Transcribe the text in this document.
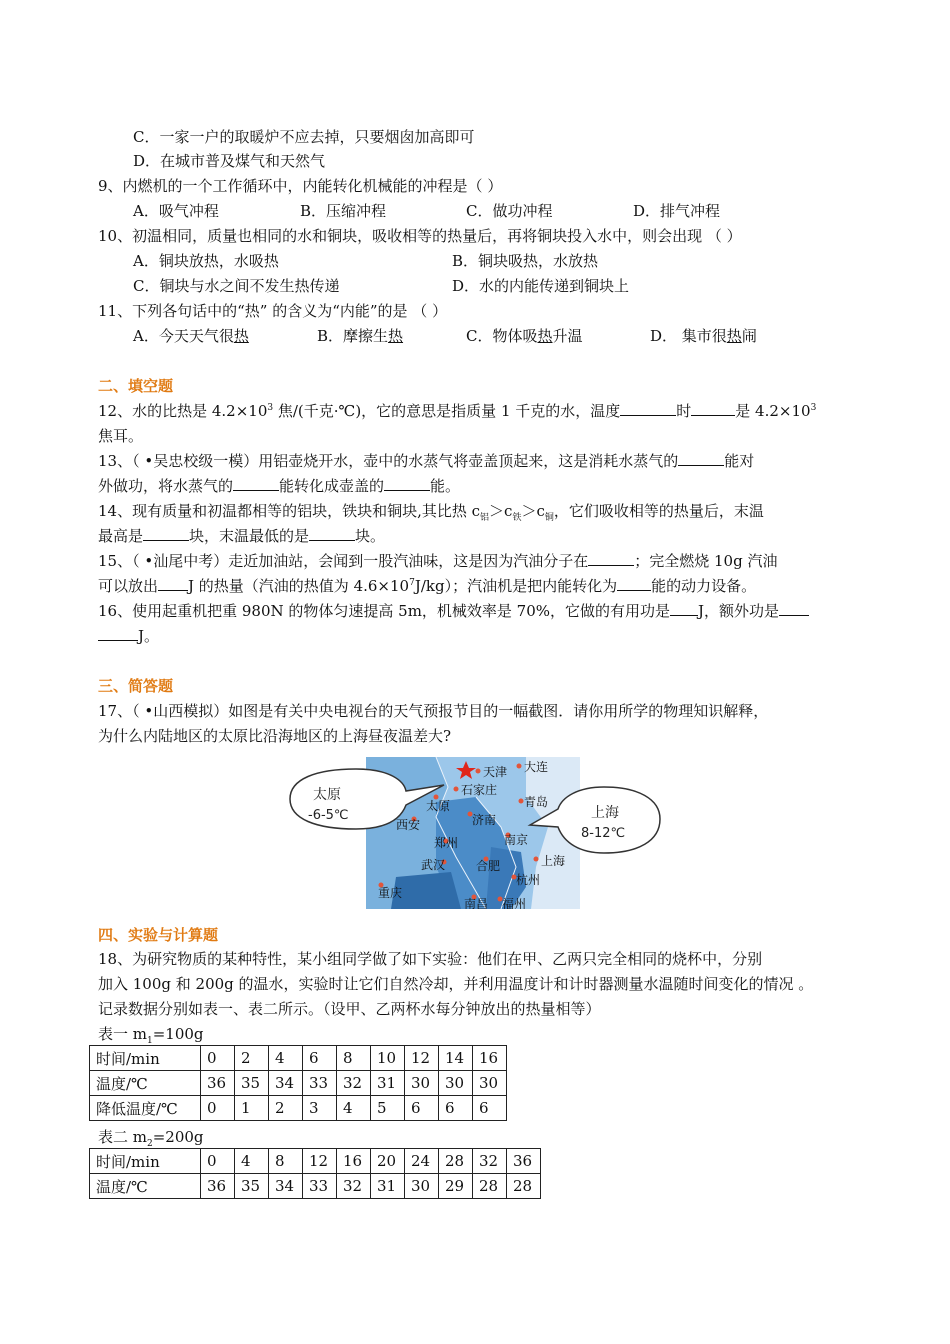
C．一家一户的取暖炉不应去掉，只要烟囱加高即可
D．在城市普及煤气和天然气
9、内燃机的一个工作循环中，内能转化机械能的冲程是（ ）
A．吸气冲程	B．压缩冲程	C．做功冲程	D．排气冲程
10、初温相同，质量也相同的水和铜块，吸收相等的热量后，再将铜块投入水中，则会出现 （ ）
A．铜块放热，水吸热	B．铜块吸热，水放热
C．铜块与水之间不发生热传递	D．水的内能传递到铜块上
11、下列各句话中的“热” 的含义为“内能”的是 （ ）
A．今天天气很热	B．摩擦生热	C．物体吸热升温	D． 集市很热闹
二、填空题
12、水的比热是 $4.2\times 10^3$ 焦/(千克·℃)，它的意思是指质量 1 千克的水，温度	时	是 $4.2\times 10^3$
焦耳。
13、（ •吴忠校级一模）用铝壶烧开水，壶中的水蒸气将壶盖顶起来，这是消耗水蒸气的	能对
外做功，将水蒸气的	能转化成壶盖的	能。
14、现有质量和初温都相等的铝块，铁块和铜块,其比热 $c_铝>c_铁>c_铜$，它们吸收相等的热量后，末温
最高是	块，末温最低的是	块。
15、（ •汕尾中考）走近加油站，会闻到一股汽油味，这是因为汽油分子在	；完全燃烧 10g 汽油
可以放出 J 的热量（汽油的热值为 $4.6\times 10^7J/kg$）；汽油机是把内能转化为 能的动力设备。
16、使用起重机把重 980N 的物体匀速提高 5m，机械效率是 70%，它做的有用功是 J，额外功是
J。
三、简答题
17、（ •山西模拟）如图是有关中央电视台的天气预报节目的一幅截图．请你用所学的物理知识解释，
为什么内陆地区的太原比沿海地区的上海昼夜温差大?
太原
-6-5℃	上海
8-12℃
天津 大连
石家庄
太原	青岛
西安	济南
郑州	南京
武汉	合肥	上海
杭州
重庆
福州
南昌
四、实验与计算题
18、为研究物质的某种特性，某小组同学做了如下实验：他们在甲、乙两只完全相同的烧杯中，分别
加入 100g 和 200g 的温水，实验时让它们自然冷却，并利用温度计和计时器测量水温随时间变化的情况 。
记录数据分别如表一、表二所示。（设甲、乙两杯水每分钟放出的热量相等）
表一 $m_1=100g$
时间/min	0	2	4	6	8	10	12	14	16
温度/℃	36	35	34	33	32	31	30	30	30
降低温度/℃	0	1	2	3	4	5	6	6	6
表二 $m_2=200g$
时间/min	0	4	8	12	16	20	24	28	32	36
温度/℃	36	35	34	33	32	31	30	29	28	28
